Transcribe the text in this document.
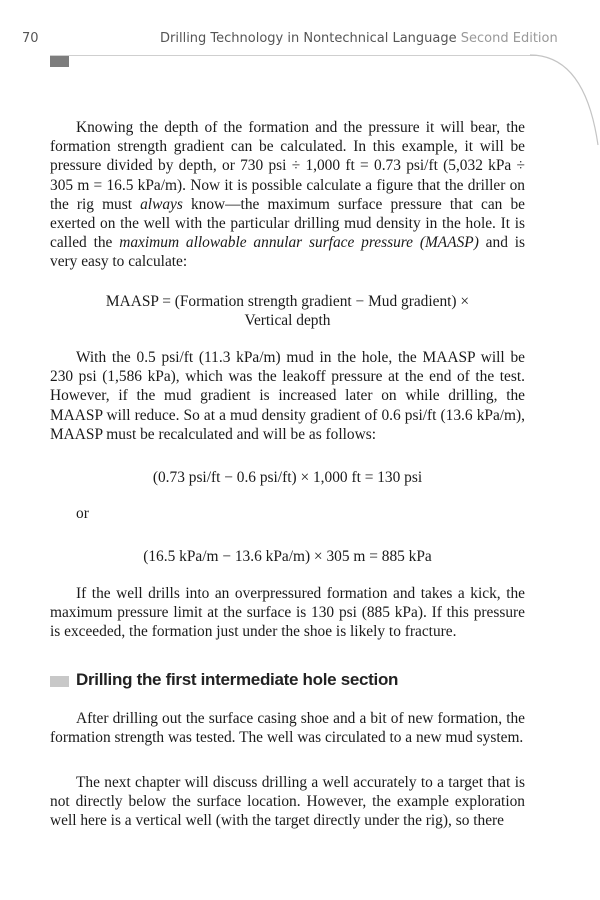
70	Drilling Technology in Nontechnical Language Second Edition

Knowing the depth of the formation and the pressure it will bear, the formation strength gradient can be calculated. In this example, it will be pressure divided by depth, or 730 psi ÷ 1,000 ft = 0.73 psi/ft (5,032 kPa ÷ 305 m = 16.5 kPa/m). Now it is possible calculate a figure that the driller on the rig must always know—the maximum surface pressure that can be exerted on the well with the particular drilling mud density in the hole. It is called the maximum allowable annular surface pressure (MAASP) and is very easy to calculate:

MAASP = (Formation strength gradient − Mud gradient) ×
Vertical depth

With the 0.5 psi/ft (11.3 kPa/m) mud in the hole, the MAASP will be 230 psi (1,586 kPa), which was the leakoff pressure at the end of the test. However, if the mud gradient is increased later on while drilling, the MAASP will reduce. So at a mud density gradient of 0.6 psi/ft (13.6 kPa/m), MAASP must be recalculated and will be as follows:

(0.73 psi/ft − 0.6 psi/ft) × 1,000 ft = 130 psi
or
(16.5 kPa/m − 13.6 kPa/m) × 305 m = 885 kPa

If the well drills into an overpressured formation and takes a kick, the maximum pressure limit at the surface is 130 psi (885 kPa). If this pressure is exceeded, the formation just under the shoe is likely to fracture.

Drilling the first intermediate hole section

After drilling out the surface casing shoe and a bit of new formation, the formation strength was tested. The well was circulated to a new mud system.

The next chapter will discuss drilling a well accurately to a target that is not directly below the surface location. However, the example exploration well here is a vertical well (with the target directly under the rig), so there
